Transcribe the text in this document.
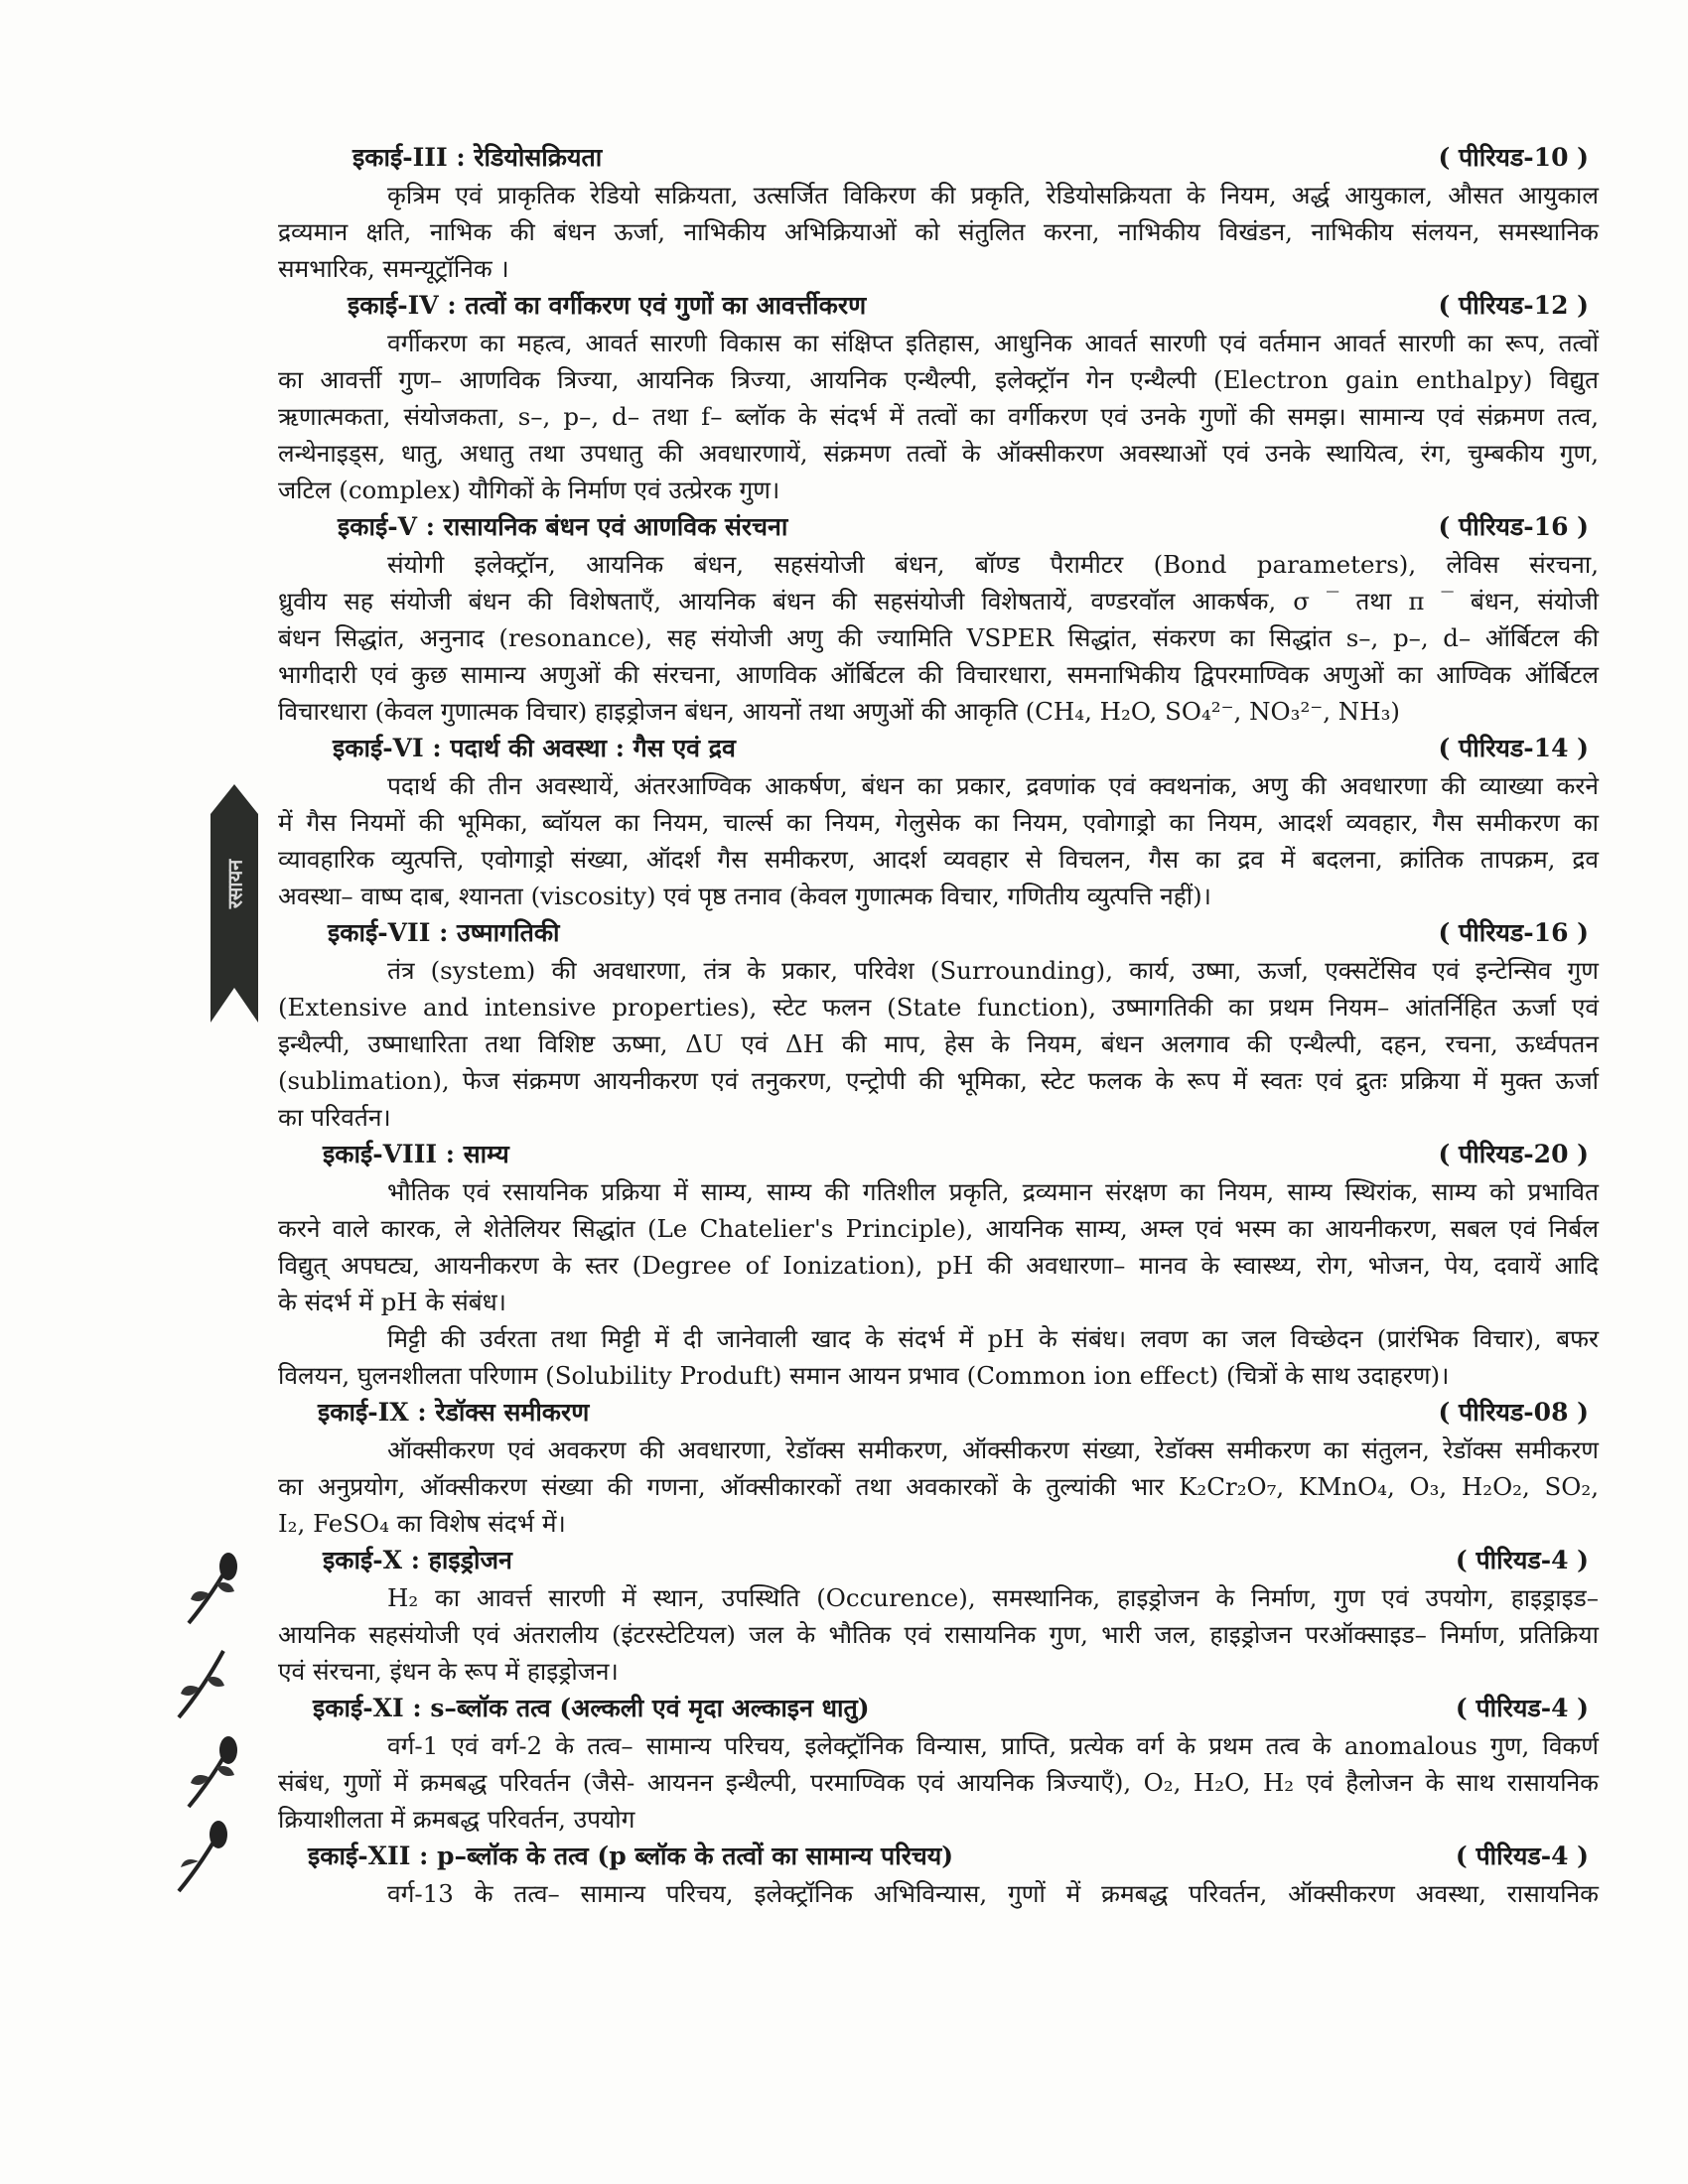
रसायन
इकाई-III : रेडियोसक्रियता	( पीरियड-10 )
कृत्रिम एवं प्राकृतिक रेडियो सक्रियता, उत्सर्जित विकिरण की प्रकृति, रेडियोसक्रियता के नियम, अर्द्ध आयुकाल, औसत आयुकाल
द्रव्यमान क्षति, नाभिक की बंधन ऊर्जा, नाभिकीय अभिक्रियाओं को संतुलित करना, नाभिकीय विखंडन, नाभिकीय संलयन, समस्थानिक
समभारिक, समन्यूट्रॉनिक ।
इकाई-IV : तत्वों का वर्गीकरण एवं गुणों का आवर्त्तीकरण	( पीरियड-12 )
वर्गीकरण का महत्व, आवर्त सारणी विकास का संक्षिप्त इतिहास, आधुनिक आवर्त सारणी एवं वर्तमान आवर्त सारणी का रूप, तत्वों
का आवर्त्ती गुण– आणविक त्रिज्या, आयनिक त्रिज्या, आयनिक एन्थैल्पी, इलेक्ट्रॉन गेन एन्थैल्पी (Electron gain enthalpy) विद्युत
ऋणात्मकता, संयोजकता, s–, p–, d– तथा f– ब्लॉक के संदर्भ में तत्वों का वर्गीकरण एवं उनके गुणों की समझ। सामान्य एवं संक्रमण तत्व,
लन्थेनाइड्स, धातु, अधातु तथा उपधातु की अवधारणायें, संक्रमण तत्वों के ऑक्सीकरण अवस्थाओं एवं उनके स्थायित्व, रंग, चुम्बकीय गुण,
जटिल (complex) यौगिकों के निर्माण एवं उत्प्रेरक गुण।
इकाई-V : रासायनिक बंधन एवं आणविक संरचना	( पीरियड-16 )
संयोगी इलेक्ट्रॉन, आयनिक बंधन, सहसंयोजी बंधन, बॉण्ड पैरामीटर (Bond parameters), लेविस संरचना,
ध्रुवीय सह संयोजी बंधन की विशेषताएँ, आयनिक बंधन की सहसंयोजी विशेषतायें, वण्डरवॉल आकर्षक, σ ‾ तथा π ‾ बंधन, संयोजी
बंधन सिद्धांत, अनुनाद (resonance), सह संयोजी अणु की ज्यामिति VSPER सिद्धांत, संकरण का सिद्धांत s–, p–, d– ऑर्बिटल की
भागीदारी एवं कुछ सामान्य अणुओं की संरचना, आणविक ऑर्बिटल की विचारधारा, समनाभिकीय द्विपरमाण्विक अणुओं का आण्विक ऑर्बिटल
विचारधारा (केवल गुणात्मक विचार) हाइड्रोजन बंधन, आयनों तथा अणुओं की आकृति (CH₄, H₂O, SO₄²⁻, NO₃²⁻, NH₃)
इकाई-VI : पदार्थ की अवस्था : गैस एवं द्रव	( पीरियड-14 )
पदार्थ की तीन अवस्थायें, अंतरआण्विक आकर्षण, बंधन का प्रकार, द्रवणांक एवं क्वथनांक, अणु की अवधारणा की व्याख्या करने
में गैस नियमों की भूमिका, ब्वॉयल का नियम, चार्ल्स का नियम, गेलुसेक का नियम, एवोगाड्रो का नियम, आदर्श व्यवहार, गैस समीकरण का
व्यावहारिक व्युत्पत्ति, एवोगाड्रो संख्या, ऑदर्श गैस समीकरण, आदर्श व्यवहार से विचलन, गैस का द्रव में बदलना, क्रांतिक तापक्रम, द्रव
अवस्था– वाष्प दाब, श्यानता (viscosity) एवं पृष्ठ तनाव (केवल गुणात्मक विचार, गणितीय व्युत्पत्ति नहीं)।
इकाई-VII : उष्मागतिकी	( पीरियड-16 )
तंत्र (system) की अवधारणा, तंत्र के प्रकार, परिवेश (Surrounding), कार्य, उष्मा, ऊर्जा, एक्सटेंसिव एवं इन्टेन्सिव गुण
(Extensive and intensive properties), स्टेट फलन (State function), उष्मागतिकी का प्रथम नियम– आंतर्निहित ऊर्जा एवं
इन्थैल्पी, उष्माधारिता तथा विशिष्ट ऊष्मा, ΔU एवं ΔH की माप, हेस के नियम, बंधन अलगाव की एन्थैल्पी, दहन, रचना, ऊर्ध्वपतन
(sublimation), फेज संक्रमण आयनीकरण एवं तनुकरण, एन्ट्रोपी की भूमिका, स्टेट फलक के रूप में स्वतः एवं द्रुतः प्रक्रिया में मुक्त ऊर्जा
का परिवर्तन।
इकाई-VIII : साम्य	( पीरियड-20 )
भौतिक एवं रसायनिक प्रक्रिया में साम्य, साम्य की गतिशील प्रकृति, द्रव्यमान संरक्षण का नियम, साम्य स्थिरांक, साम्य को प्रभावित
करने वाले कारक, ले शेतेलियर सिद्धांत (Le Chatelier's Principle), आयनिक साम्य, अम्ल एवं भस्म का आयनीकरण, सबल एवं निर्बल
विद्युत् अपघट्य, आयनीकरण के स्तर (Degree of Ionization), pH की अवधारणा– मानव के स्वास्थ्य, रोग, भोजन, पेय, दवायें आदि
के संदर्भ में pH के संबंध।
मिट्टी की उर्वरता तथा मिट्टी में दी जानेवाली खाद के संदर्भ में pH के संबंध। लवण का जल विच्छेदन (प्रारंभिक विचार), बफर
विलयन, घुलनशीलता परिणाम (Solubility Produft) समान आयन प्रभाव (Common ion effect) (चित्रों के साथ उदाहरण)।
इकाई-IX : रेडॉक्स समीकरण	( पीरियड-08 )
ऑक्सीकरण एवं अवकरण की अवधारणा, रेडॉक्स समीकरण, ऑक्सीकरण संख्या, रेडॉक्स समीकरण का संतुलन, रेडॉक्स समीकरण
का अनुप्रयोग, ऑक्सीकरण संख्या की गणना, ऑक्सीकारकों तथा अवकारकों के तुल्यांकी भार K₂Cr₂O₇, KMnO₄, O₃, H₂O₂, SO₂,
I₂, FeSO₄ का विशेष संदर्भ में।
इकाई-X : हाइड्रोजन	( पीरियड-4 )
H₂ का आवर्त्त सारणी में स्थान, उपस्थिति (Occurence), समस्थानिक, हाइड्रोजन के निर्माण, गुण एवं उपयोग, हाइड्राइड–
आयनिक सहसंयोजी एवं अंतरालीय (इंटरस्टेटियल) जल के भौतिक एवं रासायनिक गुण, भारी जल, हाइड्रोजन परऑक्साइड– निर्माण, प्रतिक्रिया
एवं संरचना, इंधन के रूप में हाइड्रोजन।
इकाई-XI : s–ब्लॉक तत्व (अल्कली एवं मृदा अल्काइन धातु)	( पीरियड-4 )
वर्ग-1 एवं वर्ग-2 के तत्व– सामान्य परिचय, इलेक्ट्रॉनिक विन्यास, प्राप्ति, प्रत्येक वर्ग के प्रथम तत्व के anomalous गुण, विकर्ण
संबंध, गुणों में क्रमबद्ध परिवर्तन (जैसे- आयनन इन्थैल्पी, परमाण्विक एवं आयनिक त्रिज्याएँ), O₂, H₂O, H₂ एवं हैलोजन के साथ रासायनिक
क्रियाशीलता में क्रमबद्ध परिवर्तन, उपयोग
इकाई-XII : p–ब्लॉक के तत्व (p ब्लॉक के तत्वों का सामान्य परिचय)	( पीरियड-4 )
वर्ग-13 के तत्व– सामान्य परिचय, इलेक्ट्रॉनिक अभिविन्यास, गुणों में क्रमबद्ध परिवर्तन, ऑक्सीकरण अवस्था, रासायनिक
